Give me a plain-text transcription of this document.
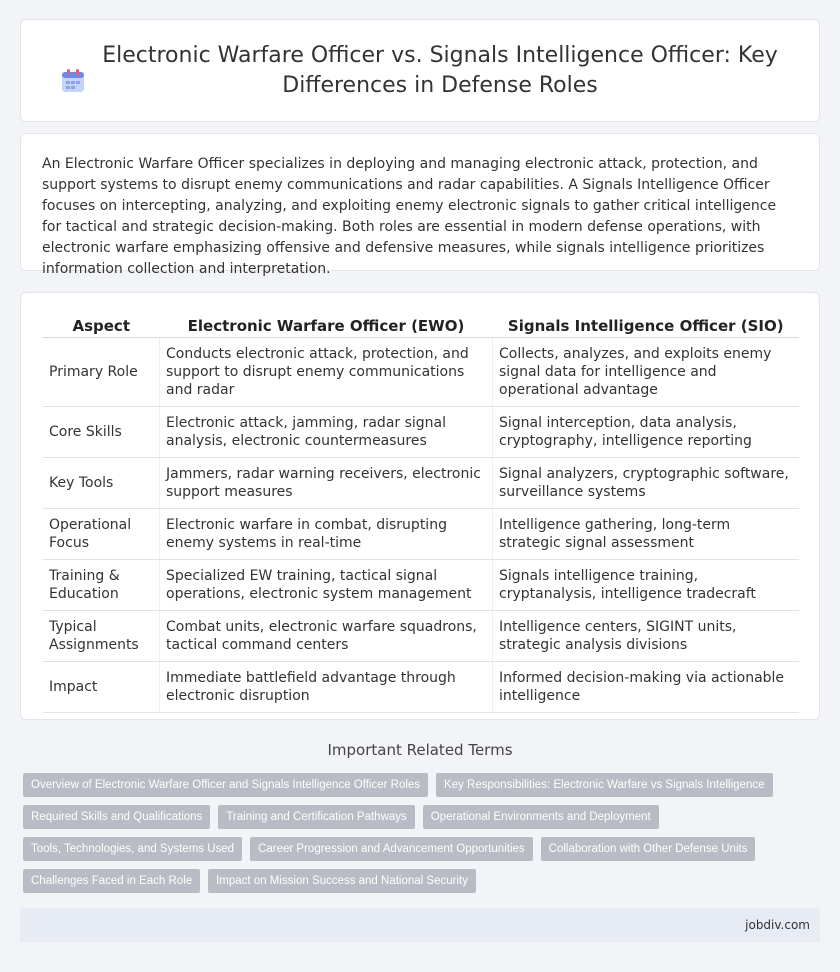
Electronic Warfare Officer vs. Signals Intelligence Officer: Key Differences in Defense Roles

An Electronic Warfare Officer specializes in deploying and managing electronic attack, protection, and support systems to disrupt enemy communications and radar capabilities. A Signals Intelligence Officer focuses on intercepting, analyzing, and exploiting enemy electronic signals to gather critical intelligence for tactical and strategic decision-making. Both roles are essential in modern defense operations, with electronic warfare emphasizing offensive and defensive measures, while signals intelligence prioritizes information collection and interpretation.

Aspect	Electronic Warfare Officer (EWO)	Signals Intelligence Officer (SIO)
Primary Role	Conducts electronic attack, protection, and support to disrupt enemy communications and radar	Collects, analyzes, and exploits enemy signal data for intelligence and operational advantage
Core Skills	Electronic attack, jamming, radar signal analysis, electronic countermeasures	Signal interception, data analysis, cryptography, intelligence reporting
Key Tools	Jammers, radar warning receivers, electronic support measures	Signal analyzers, cryptographic software, surveillance systems
Operational Focus	Electronic warfare in combat, disrupting enemy systems in real-time	Intelligence gathering, long-term strategic signal assessment
Training & Education	Specialized EW training, tactical signal operations, electronic system management	Signals intelligence training, cryptanalysis, intelligence tradecraft
Typical Assignments	Combat units, electronic warfare squadrons, tactical command centers	Intelligence centers, SIGINT units, strategic analysis divisions
Impact	Immediate battlefield advantage through electronic disruption	Informed decision-making via actionable intelligence
Important Related Terms
Overview of Electronic Warfare Officer and Signals Intelligence Officer Roles	Key Responsibilities: Electronic Warfare vs Signals Intelligence
Required Skills and Qualifications	Training and Certification Pathways	Operational Environments and Deployment
Tools, Technologies, and Systems Used	Career Progression and Advancement Opportunities	Collaboration with Other Defense Units
Challenges Faced in Each Role	Impact on Mission Success and National Security
jobdiv.com
